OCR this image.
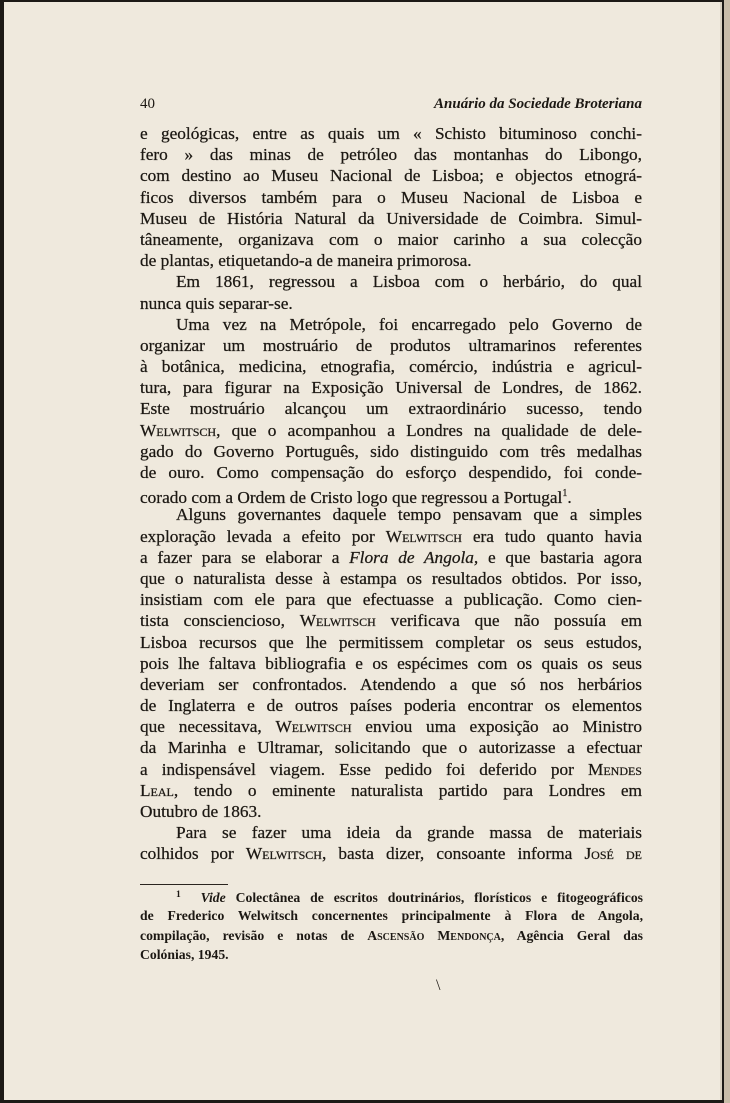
40	Anuário da Sociedade Broteriana
e geológicas, entre as quais um « Schisto bituminoso conchi-
fero » das minas de petróleo das montanhas do Libongo,
com destino ao Museu Nacional de Lisboa; e objectos etnográ-
ficos diversos também para o Museu Nacional de Lisboa e
Museu de História Natural da Universidade de Coimbra. Simul-
tâneamente, organizava com o maior carinho a sua colecção
de plantas, etiquetando-a de maneira primorosa.
Em 1861, regressou a Lisboa com o herbário, do qual
nunca quis separar-se.
Uma vez na Metrópole, foi encarregado pelo Governo de
organizar um mostruário de produtos ultramarinos referentes
à botânica, medicina, etnografia, comércio, indústria e agricul-
tura, para figurar na Exposição Universal de Londres, de 1862.
Este mostruário alcançou um extraordinário sucesso, tendo
Welwitsch, que o acompanhou a Londres na qualidade de dele-
gado do Governo Português, sido distinguido com três medalhas
de ouro. Como compensação do esforço despendido, foi conde-
corado com a Ordem de Cristo logo que regressou a Portugal$^1$.
Alguns governantes daquele tempo pensavam que a simples
exploração levada a efeito por Welwitsch era tudo quanto havia
a fazer para se elaborar a Flora de Angola, e que bastaria agora
que o naturalista desse à estampa os resultados obtidos. Por isso,
insistiam com ele para que efectuasse a publicação. Como cien-
tista consciencioso, Welwitsch verificava que não possuía em
Lisboa recursos que lhe permitissem completar os seus estudos,
pois lhe faltava bibliografia e os espécimes com os quais os seus
deveriam ser confrontados. Atendendo a que só nos herbários
de Inglaterra e de outros países poderia encontrar os elementos
que necessitava, Welwitsch enviou uma exposição ao Ministro
da Marinha e Ultramar, solicitando que o autorizasse a efectuar
a indispensável viagem. Esse pedido foi deferido por Mendes
Leal, tendo o eminente naturalista partido para Londres em
Outubro de 1863.
Para se fazer uma ideia da grande massa de materiais
colhidos por Welwitsch, basta dizer, consoante informa José de
$^1$ Vide Colectânea de escritos doutrinários, florísticos e fitogeográficos
de Frederico Welwitsch concernentes principalmente à Flora de Angola,
compilação, revisão e notas de Ascensão Mendonça, Agência Geral das
Colónias, 1945.
\
